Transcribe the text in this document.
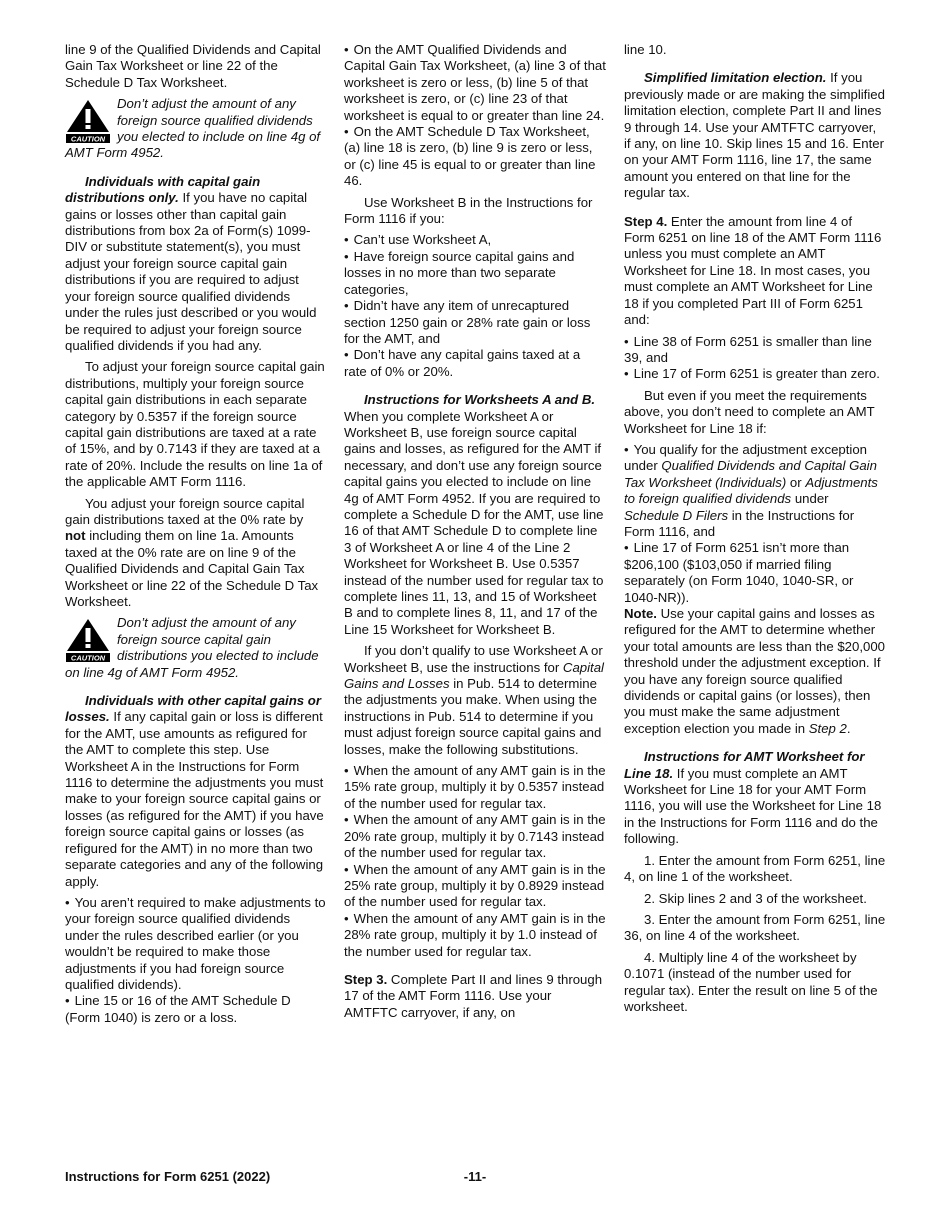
line 9 of the Qualified Dividends and Capital Gain Tax Worksheet or line 22 of the Schedule D Tax Worksheet.

CAUTION
Don’t adjust the amount of any foreign source qualified dividends you elected to include on line 4g of AMT Form 4952.

Individuals with capital gain distributions only. If you have no capital gains or losses other than capital gain distributions from box 2a of Form(s) 1099-DIV or substitute statement(s), you must adjust your foreign source capital gain distributions if you are required to adjust your foreign source qualified dividends under the rules just described or you would be required to adjust your foreign source qualified dividends if you had any.

To adjust your foreign source capital gain distributions, multiply your foreign source capital gain distributions in each separate category by 0.5357 if the foreign source capital gain distributions are taxed at a rate of 15%, and by 0.7143 if they are taxed at a rate of 20%. Include the results on line 1a of the applicable AMT Form 1116.

You adjust your foreign source capital gain distributions taxed at the 0% rate by not including them on line 1a. Amounts taxed at the 0% rate are on line 9 of the Qualified Dividends and Capital Gain Tax Worksheet or line 22 of the Schedule D Tax Worksheet.

CAUTION
Don’t adjust the amount of any foreign source capital gain distributions you elected to include on line 4g of AMT Form 4952.

Individuals with other capital gains or losses. If any capital gain or loss is different for the AMT, use amounts as refigured for the AMT to complete this step. Use Worksheet A in the Instructions for Form 1116 to determine the adjustments you must make to your foreign source capital gains or losses (as refigured for the AMT) if you have foreign source capital gains or losses (as refigured for the AMT) in no more than two separate categories and any of the following apply.

• You aren’t required to make adjustments to your foreign source qualified dividends under the rules described earlier (or you wouldn’t be required to make those adjustments if you had foreign source qualified dividends).

• Line 15 or 16 of the AMT Schedule D (Form 1040) is zero or a loss.

• On the AMT Qualified Dividends and Capital Gain Tax Worksheet, (a) line 3 of that worksheet is zero or less, (b) line 5 of that worksheet is zero, or (c) line 23 of that worksheet is equal to or greater than line 24.

• On the AMT Schedule D Tax Worksheet, (a) line 18 is zero, (b) line 9 is zero or less, or (c) line 45 is equal to or greater than line 46.

Use Worksheet B in the Instructions for Form 1116 if you:

• Can’t use Worksheet A,

• Have foreign source capital gains and losses in no more than two separate categories,

• Didn’t have any item of unrecaptured section 1250 gain or 28% rate gain or loss for the AMT, and

• Don’t have any capital gains taxed at a rate of 0% or 20%.

Instructions for Worksheets A and B. When you complete Worksheet A or Worksheet B, use foreign source capital gains and losses, as refigured for the AMT if necessary, and don’t use any foreign source capital gains you elected to include on line 4g of AMT Form 4952. If you are required to complete a Schedule D for the AMT, use line 16 of that AMT Schedule D to complete line 3 of Worksheet A or line 4 of the Line 2 Worksheet for Worksheet B. Use 0.5357 instead of the number used for regular tax to complete lines 11, 13, and 15 of Worksheet B and to complete lines 8, 11, and 17 of the Line 15 Worksheet for Worksheet B.

If you don’t qualify to use Worksheet A or Worksheet B, use the instructions for Capital Gains and Losses in Pub. 514 to determine the adjustments you make. When using the instructions in Pub. 514 to determine if you must adjust foreign source capital gains and losses, make the following substitutions.

• When the amount of any AMT gain is in the 15% rate group, multiply it by 0.5357 instead of the number used for regular tax.

• When the amount of any AMT gain is in the 20% rate group, multiply it by 0.7143 instead of the number used for regular tax.

• When the amount of any AMT gain is in the 25% rate group, multiply it by 0.8929 instead of the number used for regular tax.

• When the amount of any AMT gain is in the 28% rate group, multiply it by 1.0 instead of the number used for regular tax.

Step 3. Complete Part II and lines 9 through 17 of the AMT Form 1116. Use your AMTFTC carryover, if any, on

line 10.

Simplified limitation election. If you previously made or are making the simplified limitation election, complete Part II and lines 9 through 14. Use your AMTFTC carryover, if any, on line 10. Skip lines 15 and 16. Enter on your AMT Form 1116, line 17, the same amount you entered on that line for the regular tax.

Step 4. Enter the amount from line 4 of Form 6251 on line 18 of the AMT Form 1116 unless you must complete an AMT Worksheet for Line 18. In most cases, you must complete an AMT Worksheet for Line 18 if you completed Part III of Form 6251 and:

• Line 38 of Form 6251 is smaller than line 39, and

• Line 17 of Form 6251 is greater than zero.

But even if you meet the requirements above, you don’t need to complete an AMT Worksheet for Line 18 if:

• You qualify for the adjustment exception under Qualified Dividends and Capital Gain Tax Worksheet (Individuals) or Adjustments to foreign qualified dividends under Schedule D Filers in the Instructions for Form 1116, and

• Line 17 of Form 6251 isn’t more than $206,100 ($103,050 if married filing separately (on Form 1040, 1040-SR, or 1040-NR)).

Note. Use your capital gains and losses as refigured for the AMT to determine whether your total amounts are less than the $20,000 threshold under the adjustment exception. If you have any foreign source qualified dividends or capital gains (or losses), then you must make the same adjustment exception election you made in Step 2.

Instructions for AMT Worksheet for Line 18. If you must complete an AMT Worksheet for Line 18 for your AMT Form 1116, you will use the Worksheet for Line 18 in the Instructions for Form 1116 and do the following.

1. Enter the amount from Form 6251, line 4, on line 1 of the worksheet.

2. Skip lines 2 and 3 of the worksheet.

3. Enter the amount from Form 6251, line 36, on line 4 of the worksheet.

4. Multiply line 4 of the worksheet by 0.1071 (instead of the number used for regular tax). Enter the result on line 5 of the worksheet.

Instructions for Form 6251 (2022)	-11-
